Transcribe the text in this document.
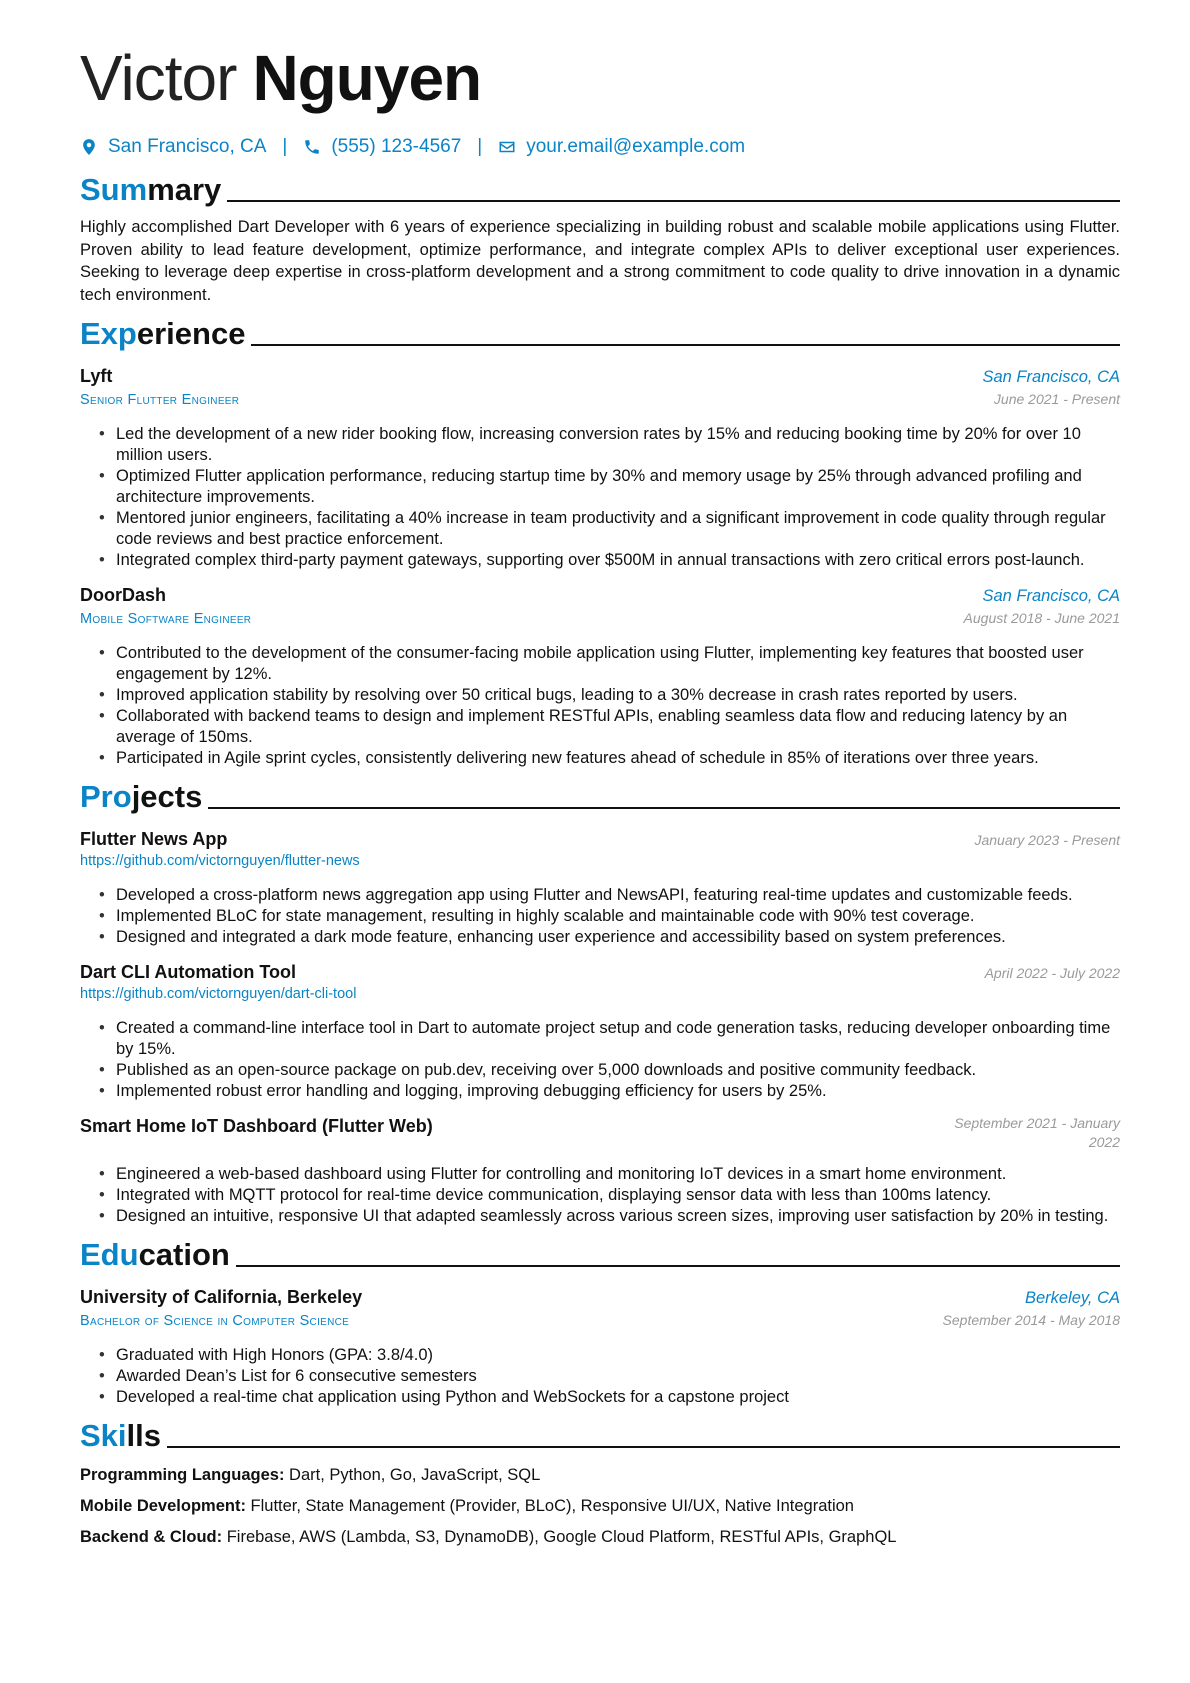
Victor Nguyen
San Francisco, CA | (555) 123-4567 | your.email@example.com
Summary
Highly accomplished Dart Developer with 6 years of experience specializing in building robust and scalable mobile applications using Flutter. Proven ability to lead feature development, optimize performance, and integrate complex APIs to deliver exceptional user experiences. Seeking to leverage deep expertise in cross-platform development and a strong commitment to code quality to drive innovation in a dynamic tech environment.
Experience
Lyft	San Francisco, CA
Senior Flutter Engineer	June 2021 - Present
• Led the development of a new rider booking flow, increasing conversion rates by 15% and reducing booking time by 20% for over 10 million users.
• Optimized Flutter application performance, reducing startup time by 30% and memory usage by 25% through advanced profiling and architecture improvements.
• Mentored junior engineers, facilitating a 40% increase in team productivity and a significant improvement in code quality through regular code reviews and best practice enforcement.
• Integrated complex third-party payment gateways, supporting over $500M in annual transactions with zero critical errors post-launch.
DoorDash	San Francisco, CA
Mobile Software Engineer	August 2018 - June 2021
• Contributed to the development of the consumer-facing mobile application using Flutter, implementing key features that boosted user engagement by 12%.
• Improved application stability by resolving over 50 critical bugs, leading to a 30% decrease in crash rates reported by users.
• Collaborated with backend teams to design and implement RESTful APIs, enabling seamless data flow and reducing latency by an average of 150ms.
• Participated in Agile sprint cycles, consistently delivering new features ahead of schedule in 85% of iterations over three years.
Projects
Flutter News App	January 2023 - Present
https://github.com/victornguyen/flutter-news
• Developed a cross-platform news aggregation app using Flutter and NewsAPI, featuring real-time updates and customizable feeds.
• Implemented BLoC for state management, resulting in highly scalable and maintainable code with 90% test coverage.
• Designed and integrated a dark mode feature, enhancing user experience and accessibility based on system preferences.
Dart CLI Automation Tool	April 2022 - July 2022
https://github.com/victornguyen/dart-cli-tool
• Created a command-line interface tool in Dart to automate project setup and code generation tasks, reducing developer onboarding time by 15%.
• Published as an open-source package on pub.dev, receiving over 5,000 downloads and positive community feedback.
• Implemented robust error handling and logging, improving debugging efficiency for users by 25%.
Smart Home IoT Dashboard (Flutter Web)	September 2021 - January 2022
• Engineered a web-based dashboard using Flutter for controlling and monitoring IoT devices in a smart home environment.
• Integrated with MQTT protocol for real-time device communication, displaying sensor data with less than 100ms latency.
• Designed an intuitive, responsive UI that adapted seamlessly across various screen sizes, improving user satisfaction by 20% in testing.
Education
University of California, Berkeley	Berkeley, CA
Bachelor of Science in Computer Science	September 2014 - May 2018
• Graduated with High Honors (GPA: 3.8/4.0)
• Awarded Dean’s List for 6 consecutive semesters
• Developed a real-time chat application using Python and WebSockets for a capstone project
Skills
Programming Languages: Dart, Python, Go, JavaScript, SQL
Mobile Development: Flutter, State Management (Provider, BLoC), Responsive UI/UX, Native Integration
Backend & Cloud: Firebase, AWS (Lambda, S3, DynamoDB), Google Cloud Platform, RESTful APIs, GraphQL
